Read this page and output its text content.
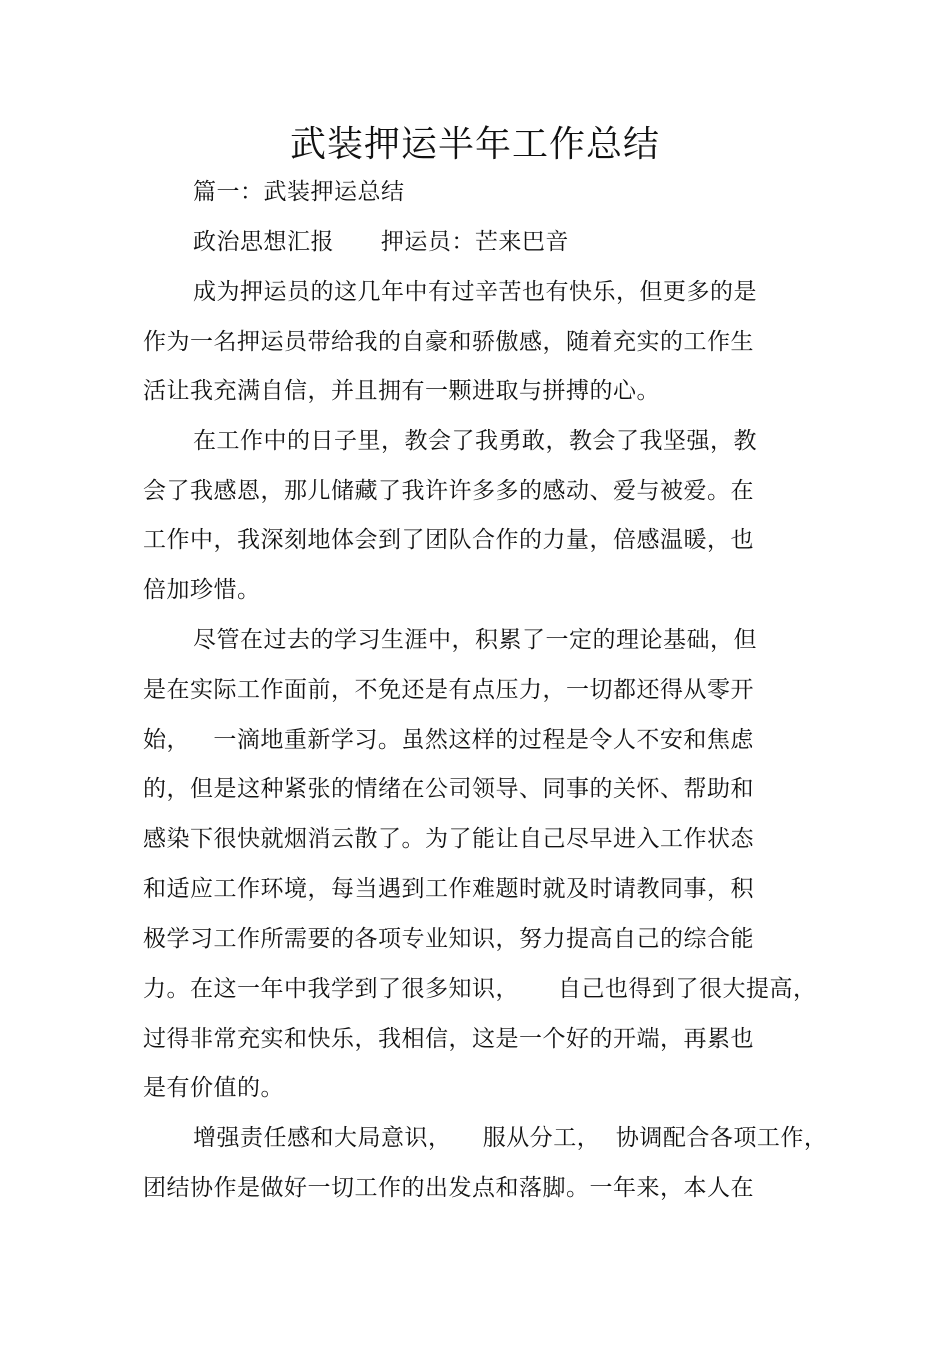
武装押运半年工作总结
篇一：武装押运总结
政治思想汇报      押运员：芒来巴音
成为押运员的这几年中有过辛苦也有快乐，但更多的是
作为一名押运员带给我的自豪和骄傲感，随着充实的工作生
活让我充满自信，并且拥有一颗进取与拼搏的心。
在工作中的日子里，教会了我勇敢，教会了我坚强，教
会了我感恩，那儿储藏了我许许多多的感动、爱与被爱。在
工作中，我深刻地体会到了团队合作的力量，倍感温暖，也
倍加珍惜。
尽管在过去的学习生涯中，积累了一定的理论基础，但
是在实际工作面前，不免还是有点压力，一切都还得从零开
始，   一滴地重新学习。虽然这样的过程是令人不安和焦虑
的，但是这种紧张的情绪在公司领导、同事的关怀、帮助和
感染下很快就烟消云散了。为了能让自己尽早进入工作状态
和适应工作环境，每当遇到工作难题时就及时请教同事，积
极学习工作所需要的各项专业知识，努力提高自己的综合能
力。在这一年中我学到了很多知识，     自己也得到了很大提高，
过得非常充实和快乐，我相信，这是一个好的开端，再累也
是有价值的。
增强责任感和大局意识，    服从分工，  协调配合各项工作，
团结协作是做好一切工作的出发点和落脚。一年来，本人在
